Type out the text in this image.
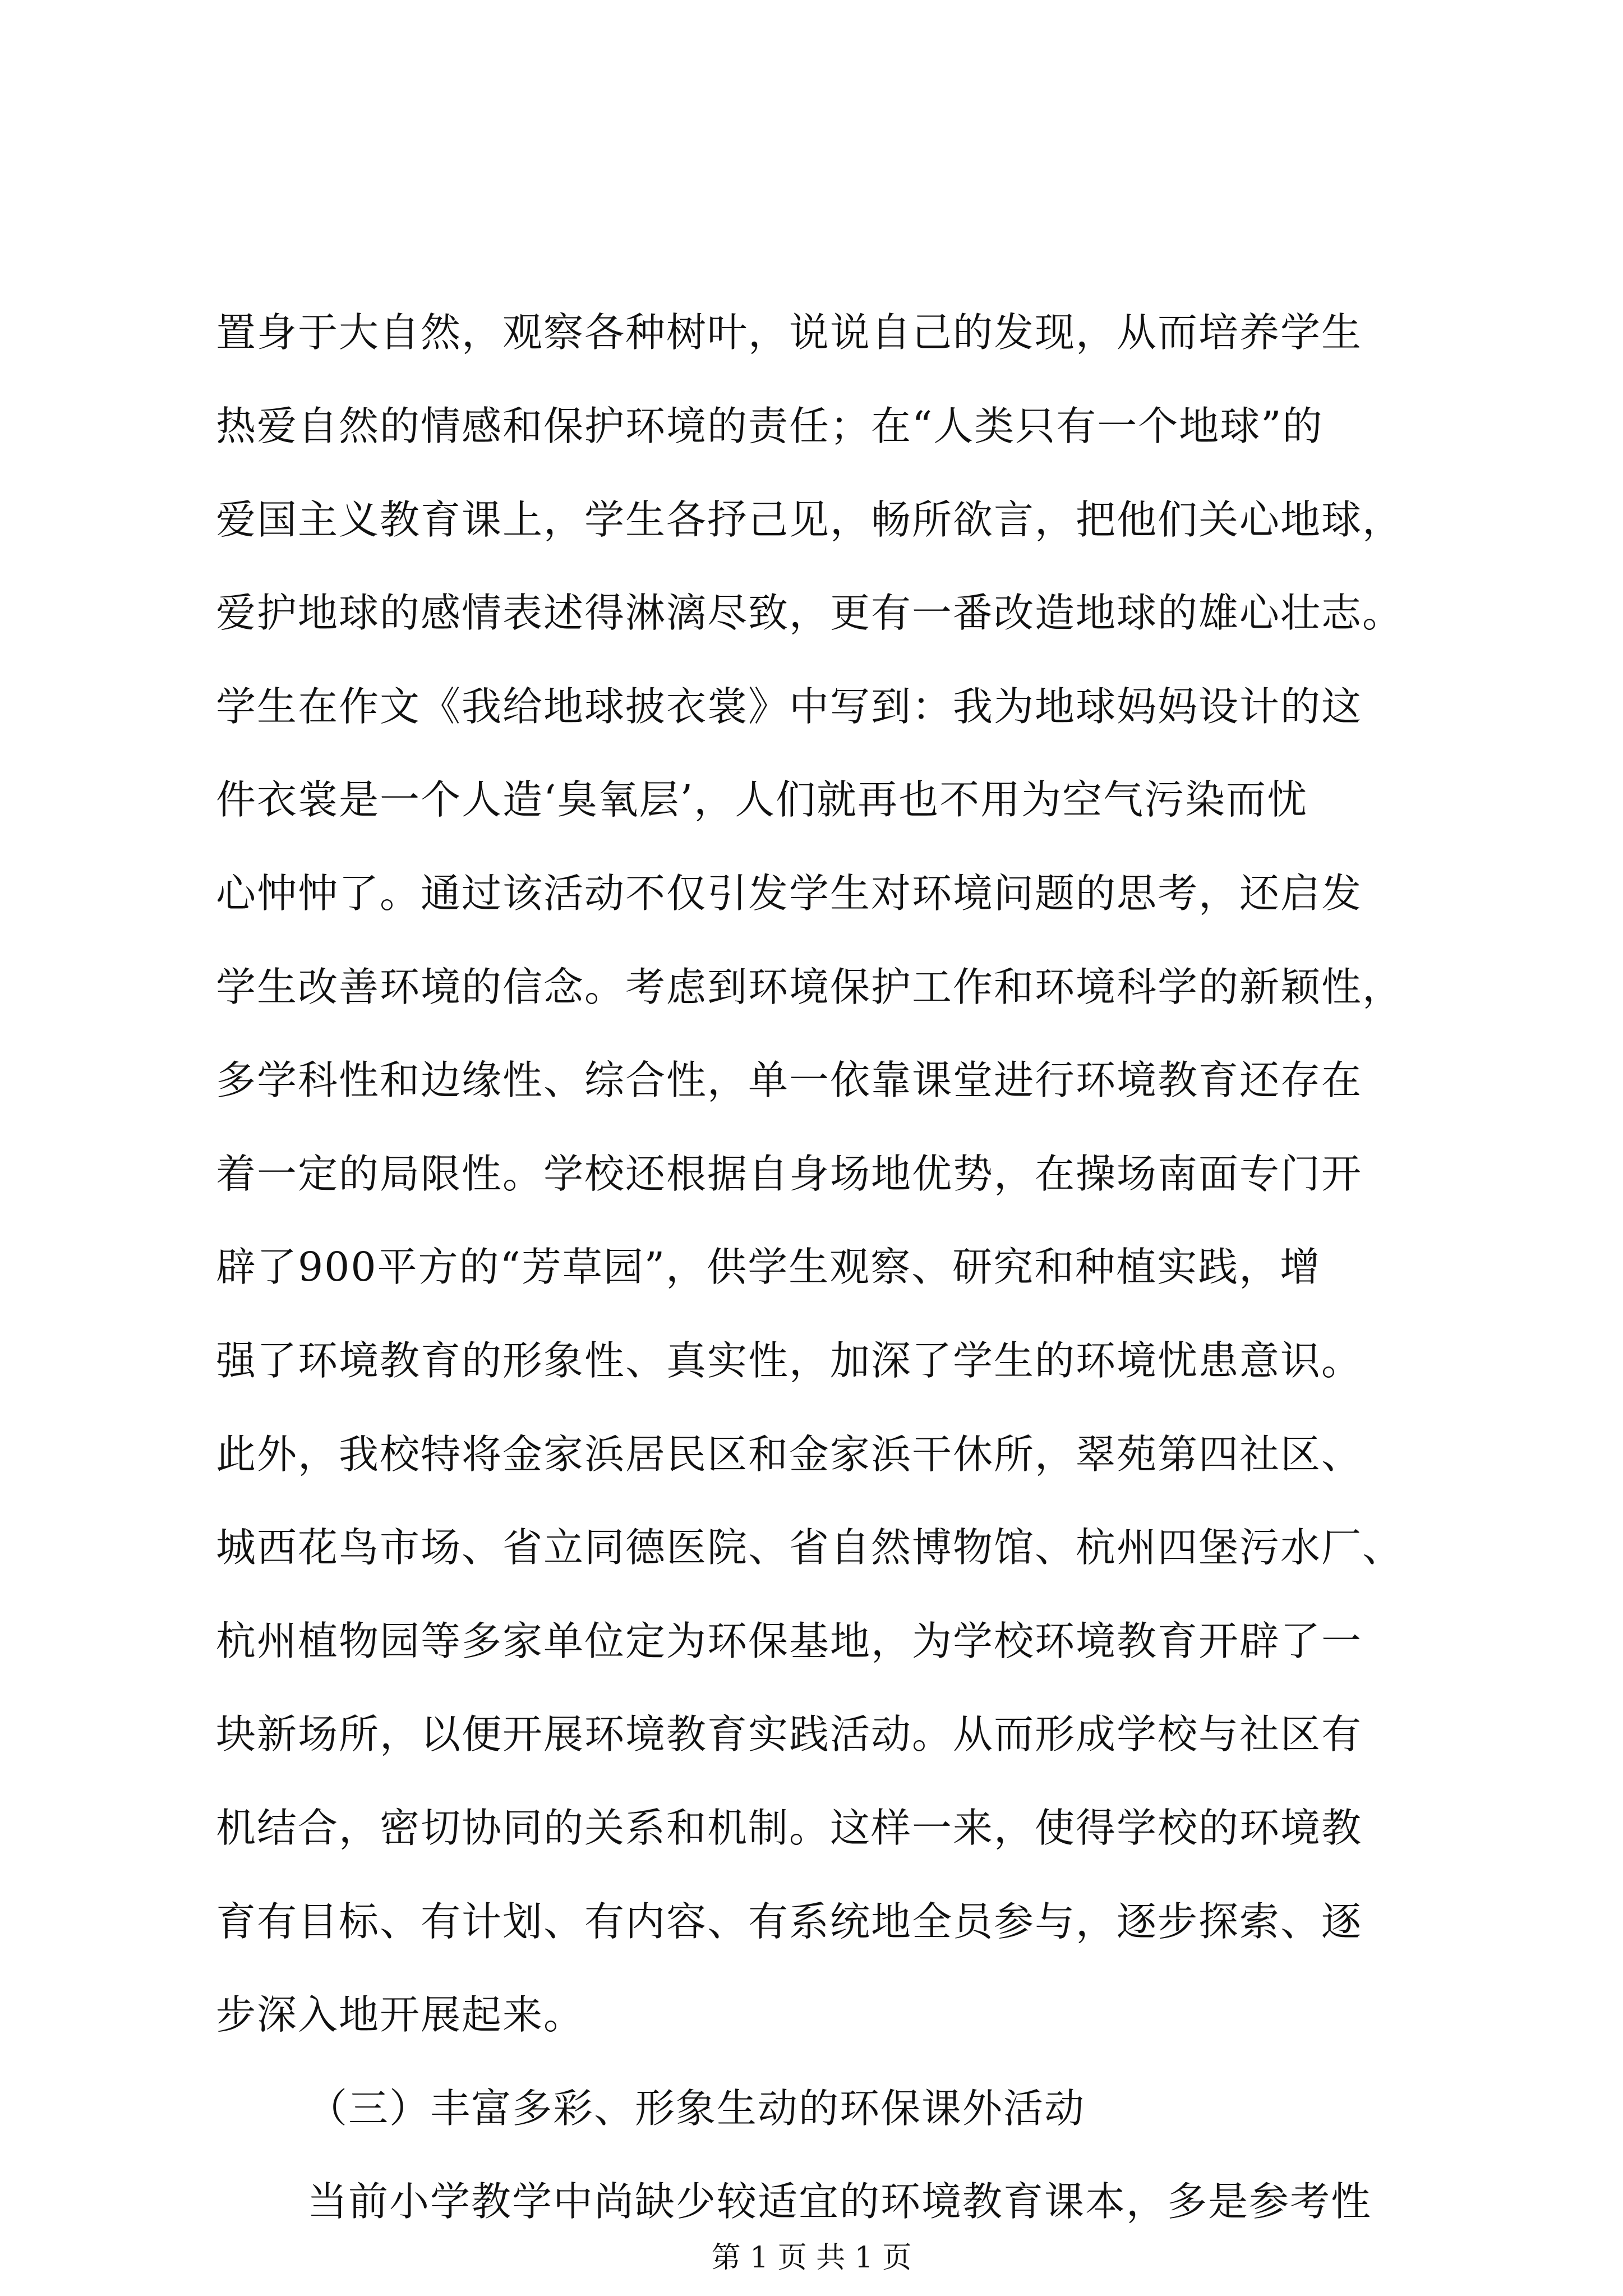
置身于大自然，观察各种树叶，说说自己的发现，从而培养学生
热爱自然的情感和保护环境的责任；在“人类只有一个地球”的
爱国主义教育课上，学生各抒己见，畅所欲言，把他们关心地球，
爱护地球的感情表述得淋漓尽致，更有一番改造地球的雄心壮志。
学生在作文《我给地球披衣裳》中写到：我为地球妈妈设计的这
件衣裳是一个人造‘臭氧层’，人们就再也不用为空气污染而忧
心忡忡了。通过该活动不仅引发学生对环境问题的思考，还启发
学生改善环境的信念。考虑到环境保护工作和环境科学的新颖性，
多学科性和边缘性、综合性，单一依靠课堂进行环境教育还存在
着一定的局限性。学校还根据自身场地优势，在操场南面专门开
辟了900平方的“芳草园”，供学生观察、研究和种植实践，增
强了环境教育的形象性、真实性，加深了学生的环境忧患意识。
此外，我校特将金家浜居民区和金家浜干休所，翠苑第四社区、
城西花鸟市场、省立同德医院、省自然博物馆、杭州四堡污水厂、
杭州植物园等多家单位定为环保基地，为学校环境教育开辟了一
块新场所，以便开展环境教育实践活动。从而形成学校与社区有
机结合，密切协同的关系和机制。这样一来，使得学校的环境教
育有目标、有计划、有内容、有系统地全员参与，逐步探索、逐
步深入地开展起来。
（三）丰富多彩、形象生动的环保课外活动
当前小学教学中尚缺少较适宜的环境教育课本，多是参考性
第 1 页 共 1 页
